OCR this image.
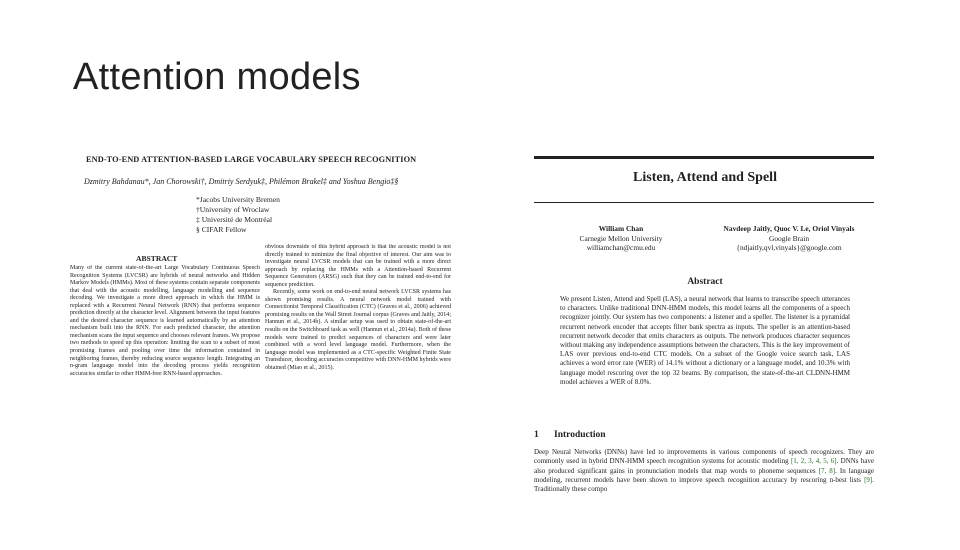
Attention models
END-TO-END ATTENTION-BASED LARGE VOCABULARY SPEECH RECOGNITION
Dzmitry Bahdanau*, Jan Chorowski†, Dmitriy Serdyuk‡, Philémon Brakel‡ and Yoshua Bengio‡§
*Jacobs University Bremen
†University of Wroclaw
‡ Université de Montréal
§ CIFAR Fellow
ABSTRACT

Many of the current state-of-the-art Large Vocabulary Continuous Speech Recognition Systems (LVCSR) are hybrids of neural networks and Hidden Markov Models (HMMs). Most of these systems contain separate components that deal with the acoustic modelling, language modelling and sequence decoding. We investigate a more direct approach in which the HMM is replaced with a Recurrent Neural Network (RNN) that performs sequence prediction directly at the character level. Alignment between the input features and the desired character sequence is learned automatically by an attention mechanism built into the RNN. For each predicted character, the attention mechanism scans the input sequence and chooses relevant frames. We propose two methods to speed up this operation: limiting the scan to a subset of most promising frames and pooling over time the information contained in neighboring frames, thereby reducing source sequence length. Integrating an n-gram language model into the decoding process yields recognition accuracies similar to other HMM-free RNN-based approaches.

obvious downside of this hybrid approach is that the acoustic model is not directly trained to minimize the final objective of interest. Our aim was to investigate neural LVCSR models that can be trained with a more direct approach by replacing the HMMs with a Attention-based Recurrent Sequence Generators (ARSG) such that they can be trained end-to-end for sequence prediction.

Recently, some work on end-to-end neural network LVCSR systems has shown promising results. A neural network model trained with Connectionist Temporal Classification (CTC) (Graves et al., 2006) achieved promising results on the Wall Street Journal corpus (Graves and Jaitly, 2014; Hannun et al., 2014b). A similar setup was used to obtain state-of-the-art results on the Switchboard task as well (Hannun et al., 2014a). Both of these models were trained to predict sequences of characters and were later combined with a word level language model. Furthermore, when the language model was implemented as a CTC-specific Weighted Finite State Transducer, decoding accuracies competitive with DNN-HMM hybrids were obtained (Miao et al., 2015).

Listen, Attend and Spell
William Chan
Carnegie Mellon University
williamchan@cmu.edu
Navdeep Jaitly, Quoc V. Le, Oriol Vinyals
Google Brain
{ndjaitly,qvl,vinyals}@google.com
Abstract

We present Listen, Attend and Spell (LAS), a neural network that learns to transcribe speech utterances to characters. Unlike traditional DNN-HMM models, this model learns all the components of a speech recognizer jointly. Our system has two components: a listener and a speller. The listener is a pyramidal recurrent network encoder that accepts filter bank spectra as inputs. The speller is an attention-based recurrent network decoder that emits characters as outputs. The network produces character sequences without making any independence assumptions between the characters. This is the key improvement of LAS over previous end-to-end CTC models. On a subset of the Google voice search task, LAS achieves a word error rate (WER) of 14.1% without a dictionary or a language model, and 10.3% with language model rescoring over the top 32 beams. By comparison, the state-of-the-art CLDNN-HMM model achieves a WER of 8.0%.

1 Introduction

Deep Neural Networks (DNNs) have led to improvements in various components of speech recognizers. They are commonly used in hybrid DNN-HMM speech recognition systems for acoustic modeling [1, 2, 3, 4, 5, 6]. DNNs have also produced significant gains in pronunciation models that map words to phoneme sequences [7, 8]. In language modeling, recurrent models have been shown to improve speech recognition accuracy by rescoring n-best lists [9]. Traditionally these compo
